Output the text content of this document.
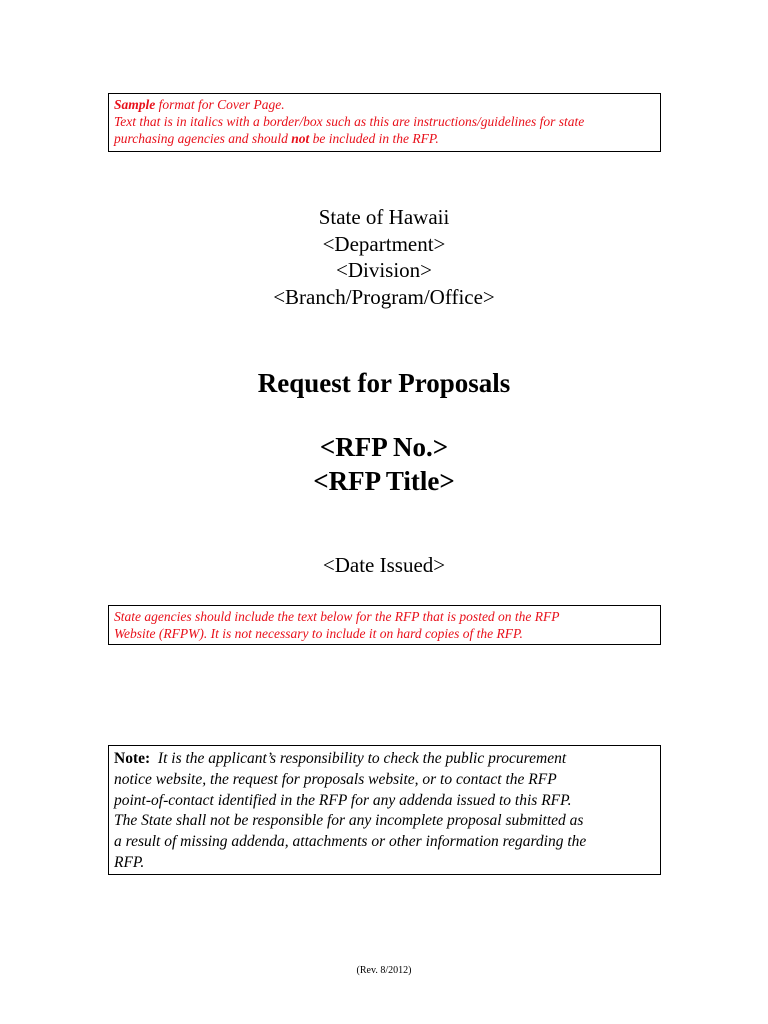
Sample format for Cover Page.
Text that is in italics with a border/box such as this are instructions/guidelines for state
purchasing agencies and should not be included in the RFP.
State of Hawaii
<Department>
<Division>
<Branch/Program/Office>
Request for Proposals
<RFP No.>
<RFP Title>
<Date Issued>
State agencies should include the text below for the RFP that is posted on the RFP
Website (RFPW). It is not necessary to include it on hard copies of the RFP.
Note: It is the applicant’s responsibility to check the public procurement
notice website, the request for proposals website, or to contact the RFP
point-of-contact identified in the RFP for any addenda issued to this RFP.
The State shall not be responsible for any incomplete proposal submitted as
a result of missing addenda, attachments or other information regarding the
RFP.
(Rev. 8/2012)
